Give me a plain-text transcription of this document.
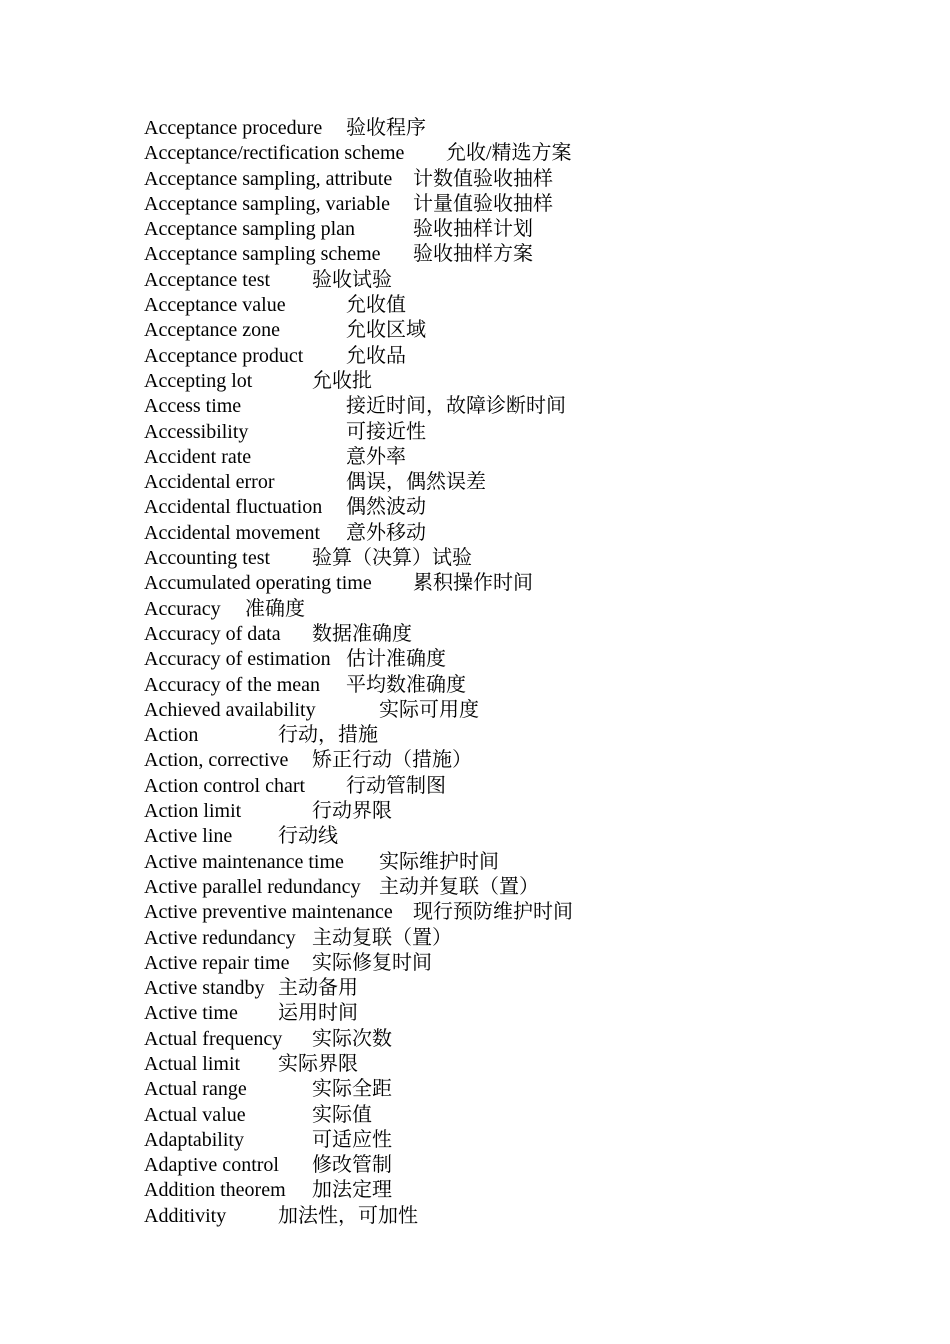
Acceptance procedure 验收程序
Acceptance/rectification scheme 允收/精选方案
Acceptance sampling, attribute 计数值验收抽样
Acceptance sampling, variable 计量值验收抽样
Acceptance sampling plan	验收抽样计划
Acceptance sampling scheme 验收抽样方案
Acceptance test 验收试验
Acceptance value	允收值
Acceptance zone	允收区域
Acceptance product 允收品
Accepting lot	允收批
Access time	接近时间，故障诊断时间
Accessibility	可接近性
Accident rate	意外率
Accidental error	偶误，偶然误差
Accidental fluctuation 偶然波动
Accidental movement 意外移动
Accounting test 验算（决算）试验
Accumulated operating time 累积操作时间
Accuracy 准确度
Accuracy of data 数据准确度
Accuracy of estimation 估计准确度
Accuracy of the mean 平均数准确度
Achieved availability	实际可用度
Action	行动，措施
Action, corrective 矫正行动（措施）
Action control chart 行动管制图
Action limit	行动界限
Active line 行动线
Active maintenance time 实际维护时间
Active parallel redundancy 主动并复联（置）
Active preventive maintenance 现行预防维护时间
Active redundancy 主动复联（置）
Active repair time 实际修复时间
Active standby 主动备用
Active time 运用时间
Actual frequency 实际次数
Actual limit 实际界限
Actual range	实际全距
Actual value	实际值
Adaptability	可适应性
Adaptive control 修改管制
Addition theorem 加法定理
Additivity	加法性，可加性
